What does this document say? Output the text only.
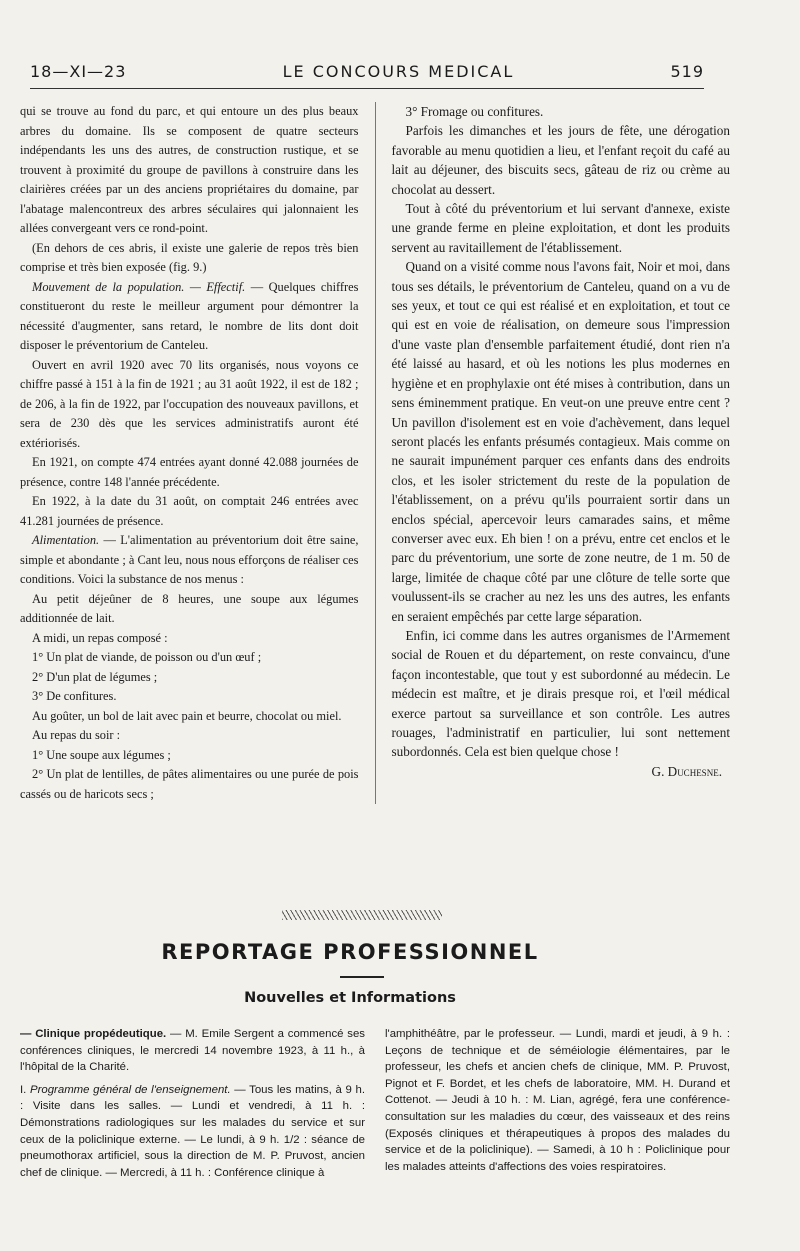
18—XI—23	LE CONCOURS MEDICAL	519

qui se trouve au fond du parc, et qui entoure un des plus beaux arbres du domaine. Ils se composent de quatre secteurs indépendants les uns des autres, de construction rustique, et se trouvent à proximité du groupe de pavillons à construire dans les clairières créées par un des anciens propriétaires du domaine, par l'abatage malencontreux des arbres séculaires qui jalonnaient les allées convergeant vers ce rond-point.

(En dehors de ces abris, il existe une galerie de repos très bien comprise et très bien exposée (fig. 9.)

Mouvement de la population. — Effectif. — Quelques chiffres constitueront du reste le meilleur argument pour démontrer la nécessité d'augmenter, sans retard, le nombre de lits dont doit disposer le préventorium de Canteleu.

Ouvert en avril 1920 avec 70 lits organisés, nous voyons ce chiffre passé à 151 à la fin de 1921 ; au 31 août 1922, il est de 182 ; de 206, à la fin de 1922, par l'occupation des nouveaux pavillons, et sera de 230 dès que les services administratifs auront été extériorisés.

En 1921, on compte 474 entrées ayant donné 42.088 journées de présence, contre 148 l'année précédente.

En 1922, à la date du 31 août, on comptait 246 entrées avec 41.281 journées de présence.

Alimentation. — L'alimentation au préventorium doit être saine, simple et abondante ; à Cant leu, nous nous efforçons de réaliser ces conditions. Voici la substance de nos menus :

Au petit déjeûner de 8 heures, une soupe aux légumes additionnée de lait.

A midi, un repas composé :

1° Un plat de viande, de poisson ou d'un œuf ;

2° D'un plat de légumes ;

3° De confitures.

Au goûter, un bol de lait avec pain et beurre, chocolat ou miel.

Au repas du soir :

1° Une soupe aux légumes ;

2° Un plat de lentilles, de pâtes alimentaires ou une purée de pois cassés ou de haricots secs ;

3° Fromage ou confitures.

Parfois les dimanches et les jours de fête, une dérogation favorable au menu quotidien a lieu, et l'enfant reçoit du café au lait au déjeuner, des biscuits secs, gâteau de riz ou crème au chocolat au dessert.

Tout à côté du préventorium et lui servant d'annexe, existe une grande ferme en pleine exploitation, et dont les produits servent au ravitaillement de l'établissement.

Quand on a visité comme nous l'avons fait, Noir et moi, dans tous ses détails, le préventorium de Canteleu, quand on a vu de ses yeux, et tout ce qui est réalisé et en exploitation, et tout ce qui est en voie de réalisation, on demeure sous l'impression d'une vaste plan d'ensemble parfaitement étudié, dont rien n'a été laissé au hasard, et où les notions les plus modernes en hygiène et en prophylaxie ont été mises à contribution, dans un sens éminemment pratique. En veut-on une preuve entre cent ? Un pavillon d'isolement est en voie d'achèvement, dans lequel seront placés les enfants présumés contagieux. Mais comme on ne saurait impunément parquer ces enfants dans des endroits clos, et les isoler strictement du reste de la population de l'établissement, on a prévu qu'ils pourraient sortir dans un enclos spécial, apercevoir leurs camarades sains, et même converser avec eux. Eh bien ! on a prévu, entre cet enclos et le parc du préventorium, une sorte de zone neutre, de 1 m. 50 de large, limitée de chaque côté par une clôture de telle sorte que voulussent-ils se cracher au nez les uns des autres, les enfants en seraient empêchés par cette large séparation.

Enfin, ici comme dans les autres organismes de l'Armement social de Rouen et du département, on reste convaincu, d'une façon incontestable, que tout y est subordonné au médecin. Le médecin est maître, et je dirais presque roi, et l'œil médical exerce partout sa surveillance et son contrôle. Les autres rouages, l'administratif en particulier, lui sont nettement subordonnés. Cela est bien quelque chose !

G. Duchesne.

REPORTAGE PROFESSIONNEL
Nouvelles et Informations

— Clinique propédeutique. — M. Emile Sergent a commencé ses conférences cliniques, le mercredi 14 novembre 1923, à 11 h., à l'hôpital de la Charité.

I. Programme général de l'enseignement. — Tous les matins, à 9 h. : Visite dans les salles. — Lundi et vendredi, à 11 h. : Démonstrations radiologiques sur les malades du service et sur ceux de la policlinique externe. — Le lundi, à 9 h. 1/2 : séance de pneumothorax artificiel, sous la direction de M. P. Pruvost, ancien chef de clinique. — Mercredi, à 11 h. : Conférence clinique à

l'amphithéâtre, par le professeur. — Lundi, mardi et jeudi, à 9 h. : Leçons de technique et de séméiologie élémentaires, par le professeur, les chefs et ancien chefs de clinique, MM. P. Pruvost, Pignot et F. Bordet, et les chefs de laboratoire, MM. H. Durand et Cottenot. — Jeudi à 10 h. : M. Lian, agrégé, fera une conférence-consultation sur les maladies du cœur, des vaisseaux et des reins (Exposés cliniques et thérapeutiques à propos des malades du service et de la policlinique). — Samedi, à 10 h : Policlinique pour les malades atteints d'affections des voies respiratoires.
